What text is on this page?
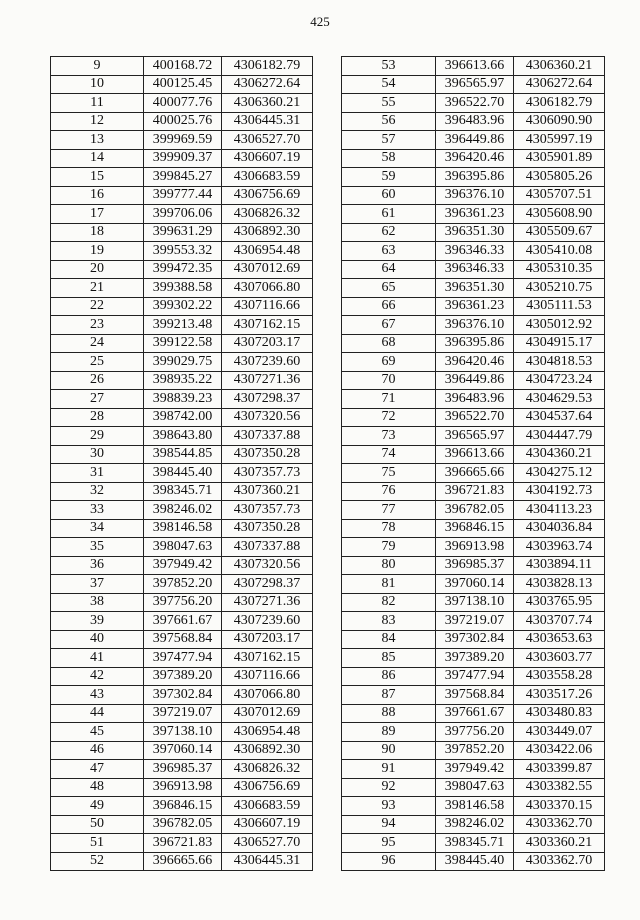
425
9	400168.72	4306182.79
10	400125.45	4306272.64
11	400077.76	4306360.21
12	400025.76	4306445.31
13	399969.59	4306527.70
14	399909.37	4306607.19
15	399845.27	4306683.59
16	399777.44	4306756.69
17	399706.06	4306826.32
18	399631.29	4306892.30
19	399553.32	4306954.48
20	399472.35	4307012.69
21	399388.58	4307066.80
22	399302.22	4307116.66
23	399213.48	4307162.15
24	399122.58	4307203.17
25	399029.75	4307239.60
26	398935.22	4307271.36
27	398839.23	4307298.37
28	398742.00	4307320.56
29	398643.80	4307337.88
30	398544.85	4307350.28
31	398445.40	4307357.73
32	398345.71	4307360.21
33	398246.02	4307357.73
34	398146.58	4307350.28
35	398047.63	4307337.88
36	397949.42	4307320.56
37	397852.20	4307298.37
38	397756.20	4307271.36
39	397661.67	4307239.60
40	397568.84	4307203.17
41	397477.94	4307162.15
42	397389.20	4307116.66
43	397302.84	4307066.80
44	397219.07	4307012.69
45	397138.10	4306954.48
46	397060.14	4306892.30
47	396985.37	4306826.32
48	396913.98	4306756.69
49	396846.15	4306683.59
50	396782.05	4306607.19
51	396721.83	4306527.70
52	396665.66	4306445.31
53	396613.66	4306360.21
54	396565.97	4306272.64
55	396522.70	4306182.79
56	396483.96	4306090.90
57	396449.86	4305997.19
58	396420.46	4305901.89
59	396395.86	4305805.26
60	396376.10	4305707.51
61	396361.23	4305608.90
62	396351.30	4305509.67
63	396346.33	4305410.08
64	396346.33	4305310.35
65	396351.30	4305210.75
66	396361.23	4305111.53
67	396376.10	4305012.92
68	396395.86	4304915.17
69	396420.46	4304818.53
70	396449.86	4304723.24
71	396483.96	4304629.53
72	396522.70	4304537.64
73	396565.97	4304447.79
74	396613.66	4304360.21
75	396665.66	4304275.12
76	396721.83	4304192.73
77	396782.05	4304113.23
78	396846.15	4304036.84
79	396913.98	4303963.74
80	396985.37	4303894.11
81	397060.14	4303828.13
82	397138.10	4303765.95
83	397219.07	4303707.74
84	397302.84	4303653.63
85	397389.20	4303603.77
86	397477.94	4303558.28
87	397568.84	4303517.26
88	397661.67	4303480.83
89	397756.20	4303449.07
90	397852.20	4303422.06
91	397949.42	4303399.87
92	398047.63	4303382.55
93	398146.58	4303370.15
94	398246.02	4303362.70
95	398345.71	4303360.21
96	398445.40	4303362.70
